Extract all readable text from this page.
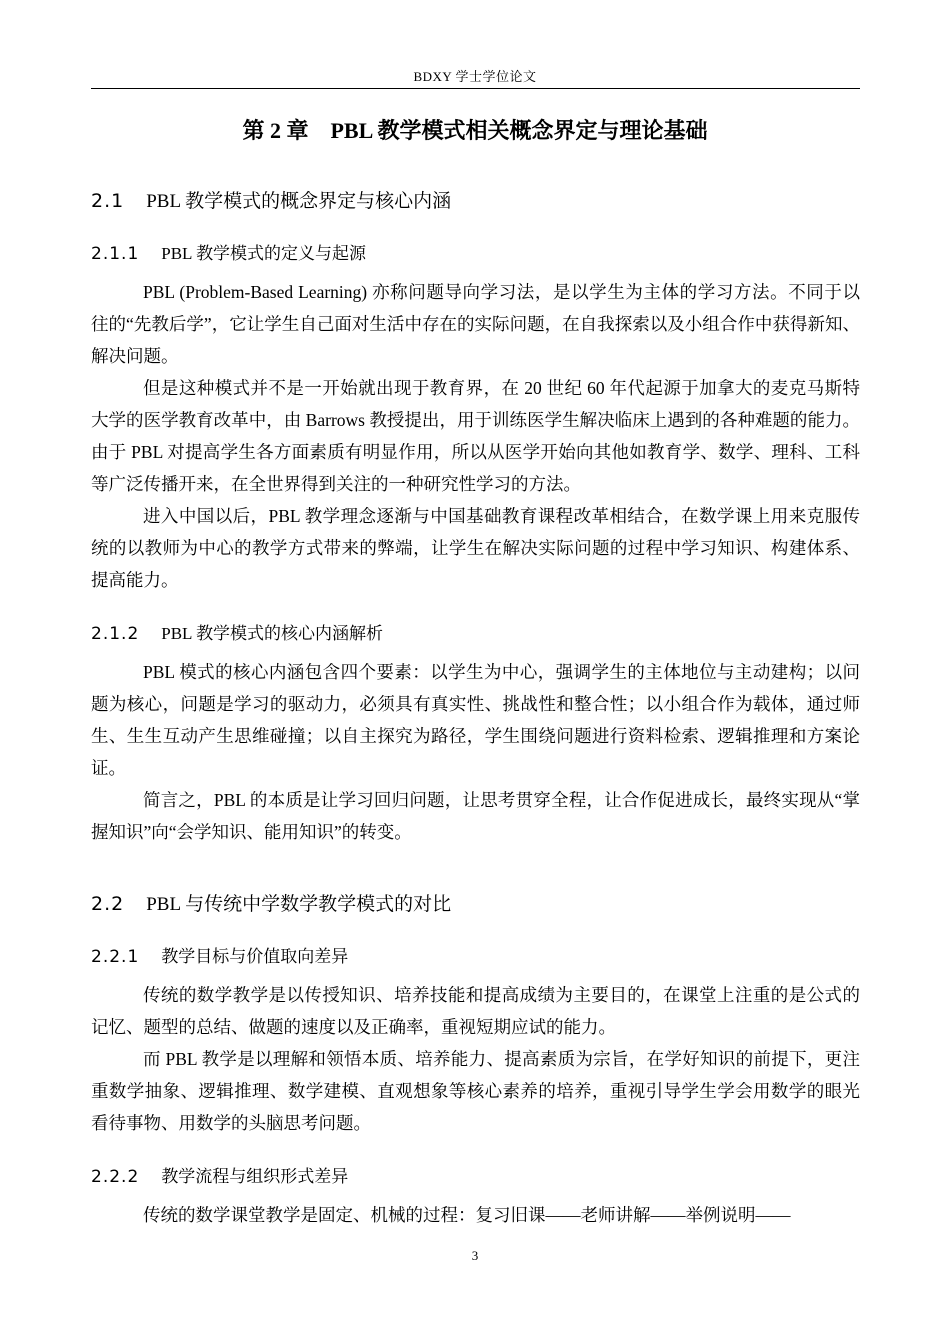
BDXY 学士学位论文
第 2 章　PBL 教学模式相关概念界定与理论基础
2.1 PBL 教学模式的概念界定与核心内涵
2.1.1 PBL 教学模式的定义与起源

PBL (Problem-Based Learning) 亦称问题导向学习法，是以学生为主体的学习方法。不同于以往的“先教后学”，它让学生自己面对生活中存在的实际问题，在自我探索以及小组合作中获得新知、解决问题。

但是这种模式并不是一开始就出现于教育界，在 20 世纪 60 年代起源于加拿大的麦克马斯特大学的医学教育改革中，由 Barrows 教授提出，用于训练医学生解决临床上遇到的各种难题的能力。由于 PBL 对提高学生各方面素质有明显作用，所以从医学开始向其他如教育学、数学、理科、工科等广泛传播开来，在全世界得到关注的一种研究性学习的方法。

进入中国以后，PBL 教学理念逐渐与中国基础教育课程改革相结合，在数学课上用来克服传统的以教师为中心的教学方式带来的弊端，让学生在解决实际问题的过程中学习知识、构建体系、提高能力。

2.1.2 PBL 教学模式的核心内涵解析

PBL 模式的核心内涵包含四个要素：以学生为中心，强调学生的主体地位与主动建构；以问题为核心，问题是学习的驱动力，必须具有真实性、挑战性和整合性；以小组合作为载体，通过师生、生生互动产生思维碰撞；以自主探究为路径，学生围绕问题进行资料检索、逻辑推理和方案论证。

简言之，PBL 的本质是让学习回归问题，让思考贯穿全程，让合作促进成长，最终实现从“掌握知识”向“会学知识、能用知识”的转变。

2.2 PBL 与传统中学数学教学模式的对比
2.2.1 教学目标与价值取向差异

传统的数学教学是以传授知识、培养技能和提高成绩为主要目的，在课堂上注重的是公式的记忆、题型的总结、做题的速度以及正确率，重视短期应试的能力。

而 PBL 教学是以理解和领悟本质、培养能力、提高素质为宗旨，在学好知识的前提下，更注重数学抽象、逻辑推理、数学建模、直观想象等核心素养的培养，重视引导学生学会用数学的眼光看待事物、用数学的头脑思考问题。

2.2.2 教学流程与组织形式差异

传统的数学课堂教学是固定、机械的过程：复习旧课——老师讲解——举例说明——

3
